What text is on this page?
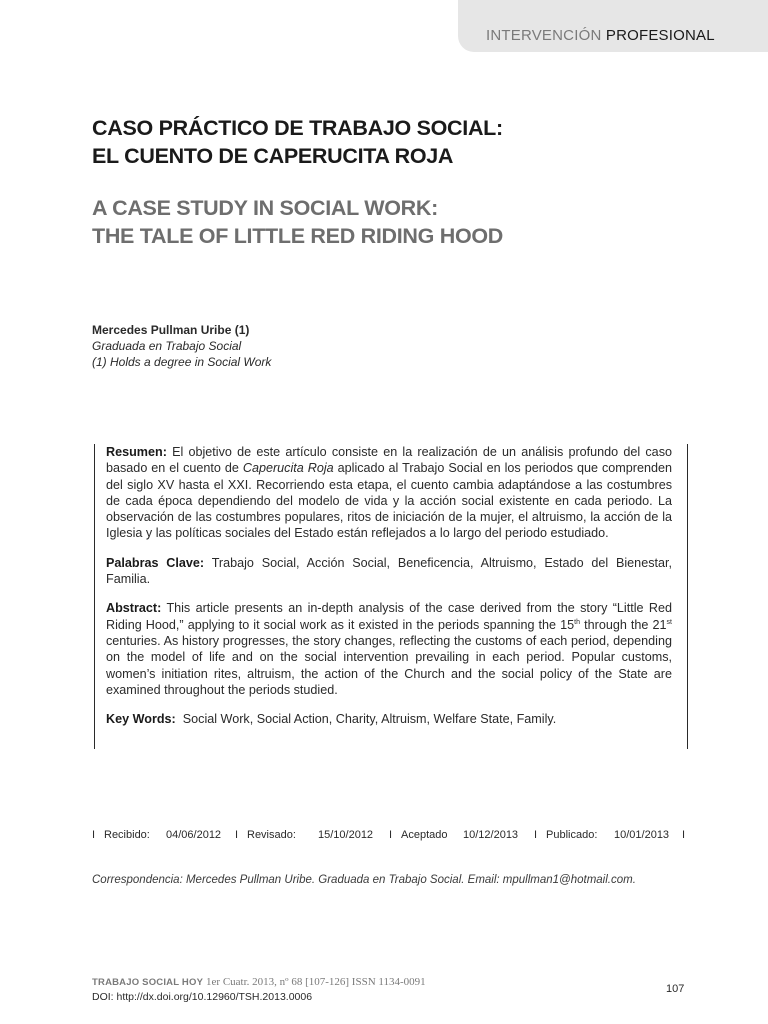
INTERVENCIÓN PROFESIONAL
CASO PRÁCTICO DE TRABAJO SOCIAL:
EL CUENTO DE CAPERUCITA ROJA
A CASE STUDY IN SOCIAL WORK:
THE TALE OF LITTLE RED RIDING HOOD
Mercedes Pullman Uribe (1)
Graduada en Trabajo Social
(1) Holds a degree in Social Work

Resumen: El objetivo de este artículo consiste en la realización de un análisis profundo del caso basado en el cuento de Caperucita Roja aplicado al Trabajo Social en los periodos que comprenden del siglo XV hasta el XXI. Recorriendo esta etapa, el cuento cambia adaptándose a las costumbres de cada época dependiendo del modelo de vida y la acción social existente en cada periodo. La observación de las costumbres populares, ritos de iniciación de la mujer, el altruismo, la acción de la Iglesia y las políticas sociales del Estado están reflejados a lo largo del periodo estudiado.

Palabras Clave: Trabajo Social, Acción Social, Beneficencia, Altruismo, Estado del Bienestar, Familia.

Abstract: This article presents an in-depth analysis of the case derived from the story “Little Red Riding Hood,” applying to it social work as it existed in the periods spanning the 15th through the 21st centuries. As history progresses, the story changes, reflecting the customs of each period, depending on the model of life and on the social intervention prevailing in each period. Popular customs, women’s initiation rites, altruism, the action of the Church and the social policy of the State are examined throughout the periods studied.

Key Words: Social Work, Social Action, Charity, Altruism, Welfare State, Family.

I Recibido: 04/06/2012 I Revisado: 15/10/2012 I Aceptado 10/12/2013 I Publicado: 10/01/2013 I
Correspondencia: Mercedes Pullman Uribe. Graduada en Trabajo Social. Email: mpullman1@hotmail.com.
TRABAJO SOCIAL HOY 1er Cuatr. 2013, nº 68 [107-126] ISSN 1134-0091
DOI: http://dx.doi.org/10.12960/TSH.2013.0006
107
